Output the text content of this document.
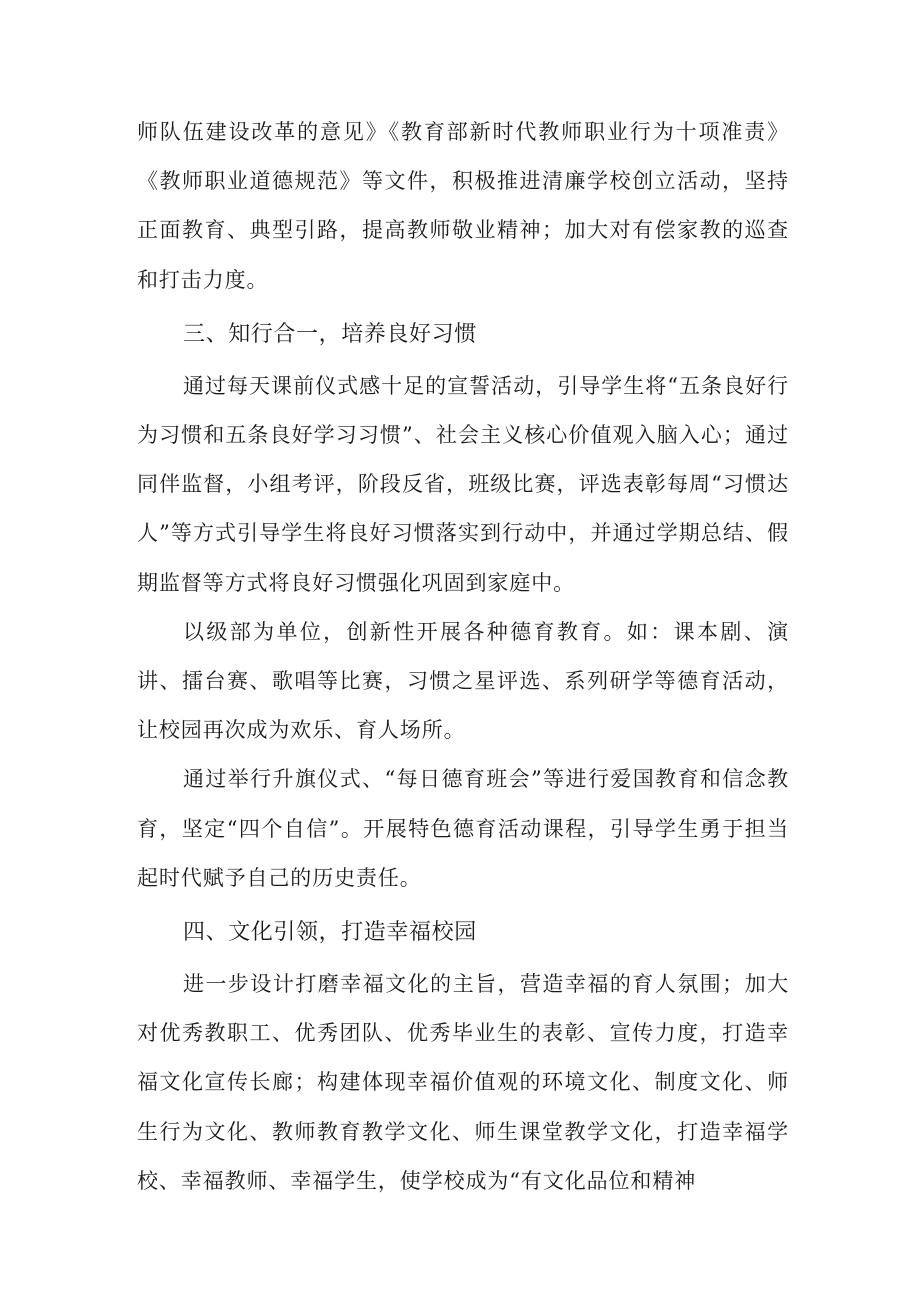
师队伍建设改革的意见》《教育部新时代教师职业行为十项准责》《教师职业道德规范》等文件，积极推进清廉学校创立活动，坚持正面教育、典型引路，提高教师敬业精神；加大对有偿家教的巡查和打击力度。

三、知行合一，培养良好习惯

通过每天课前仪式感十足的宣誓活动，引导学生将“五条良好行为习惯和五条良好学习习惯”、社会主义核心价值观入脑入心；通过同伴监督，小组考评，阶段反省，班级比赛，评选表彰每周“习惯达人”等方式引导学生将良好习惯落实到行动中，并通过学期总结、假期监督等方式将良好习惯强化巩固到家庭中。

以级部为单位，创新性开展各种德育教育。如：课本剧、演讲、擂台赛、歌唱等比赛，习惯之星评选、系列研学等德育活动，让校园再次成为欢乐、育人场所。

通过举行升旗仪式、“每日德育班会”等进行爱国教育和信念教育，坚定“四个自信”。开展特色德育活动课程，引导学生勇于担当起时代赋予自己的历史责任。

四、文化引领，打造幸福校园

进一步设计打磨幸福文化的主旨，营造幸福的育人氛围；加大对优秀教职工、优秀团队、优秀毕业生的表彰、宣传力度，打造幸福文化宣传长廊；构建体现幸福价值观的环境文化、制度文化、师生行为文化、教师教育教学文化、师生课堂教学文化，打造幸福学校、幸福教师、幸福学生，使学校成为“有文化品位和精神
